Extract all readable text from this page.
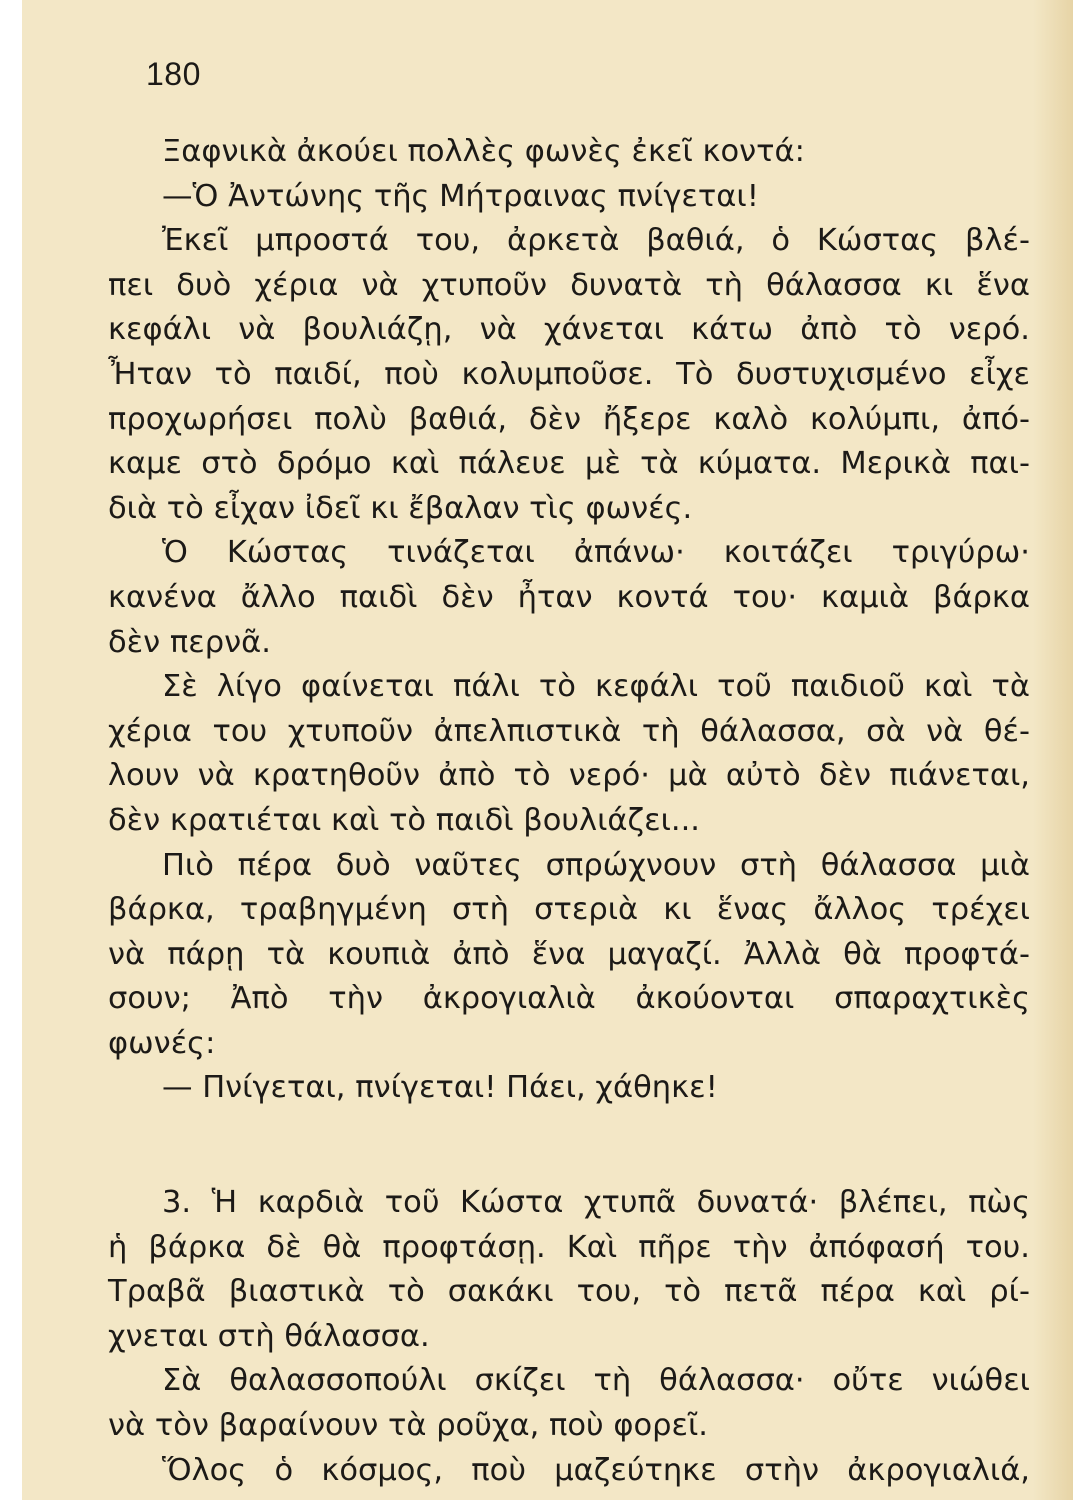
180
Ξαφνικὰ ἀκούει πολλὲς φωνὲς ἐκεῖ κοντά:
—Ὁ Ἀντώνης τῆς Μήτραινας πνίγεται!
Ἐκεῖ μπροστά του, ἀρκετὰ βαθιά, ὁ Κώστας βλέ-
πει δυὸ χέρια νὰ χτυποῦν δυνατὰ τὴ θάλασσα κι ἕνα
κεφάλι νὰ βουλιάζῃ, νὰ χάνεται κάτω ἀπὸ τὸ νερό.
Ἦταν τὸ παιδί, ποὺ κολυμποῦσε. Τὸ δυστυχισμένο εἶχε
προχωρήσει πολὺ βαθιά, δὲν ἤξερε καλὸ κολύμπι, ἀπό-
καμε στὸ δρόμο καὶ πάλευε μὲ τὰ κύματα. Μερικὰ παι-
διὰ τὸ εἶχαν ἰδεῖ κι ἔβαλαν τὶς φωνές.
Ὁ Κώστας τινάζεται ἀπάνω· κοιτάζει τριγύρω·
κανένα ἄλλο παιδὶ δὲν ἦταν κοντά του· καμιὰ βάρκα
δὲν περνᾶ.
Σὲ λίγο φαίνεται πάλι τὸ κεφάλι τοῦ παιδιοῦ καὶ τὰ
χέρια του χτυποῦν ἀπελπιστικὰ τὴ θάλασσα, σὰ νὰ θέ-
λουν νὰ κρατηθοῦν ἀπὸ τὸ νερό· μὰ αὐτὸ δὲν πιάνεται,
δὲν κρατιέται καὶ τὸ παιδὶ βουλιάζει...
Πιὸ πέρα δυὸ ναῦτες σπρώχνουν στὴ θάλασσα μιὰ
βάρκα, τραβηγμένη στὴ στεριὰ κι ἕνας ἄλλος τρέχει
νὰ πάρῃ τὰ κουπιὰ ἀπὸ ἕνα μαγαζί. Ἀλλὰ θὰ προφτά-
σουν; Ἀπὸ τὴν ἀκρογιαλιὰ ἀκούονται σπαραχτικὲς
φωνές:
— Πνίγεται, πνίγεται! Πάει, χάθηκε!
3. Ἡ καρδιὰ τοῦ Κώστα χτυπᾶ δυνατά· βλέπει, πὼς
ἡ βάρκα δὲ θὰ προφτάσῃ. Καὶ πῆρε τὴν ἀπόφασή του.
Τραβᾶ βιαστικὰ τὸ σακάκι του, τὸ πετᾶ πέρα καὶ ρί-
χνεται στὴ θάλασσα.
Σὰ θαλασσοπούλι σκίζει τὴ θάλασσα· οὔτε νιώθει
νὰ τὸν βαραίνουν τὰ ροῦχα, ποὺ φορεῖ.
Ὅλος ὁ κόσμος, ποὺ μαζεύτηκε στὴν ἀκρογιαλιά,
